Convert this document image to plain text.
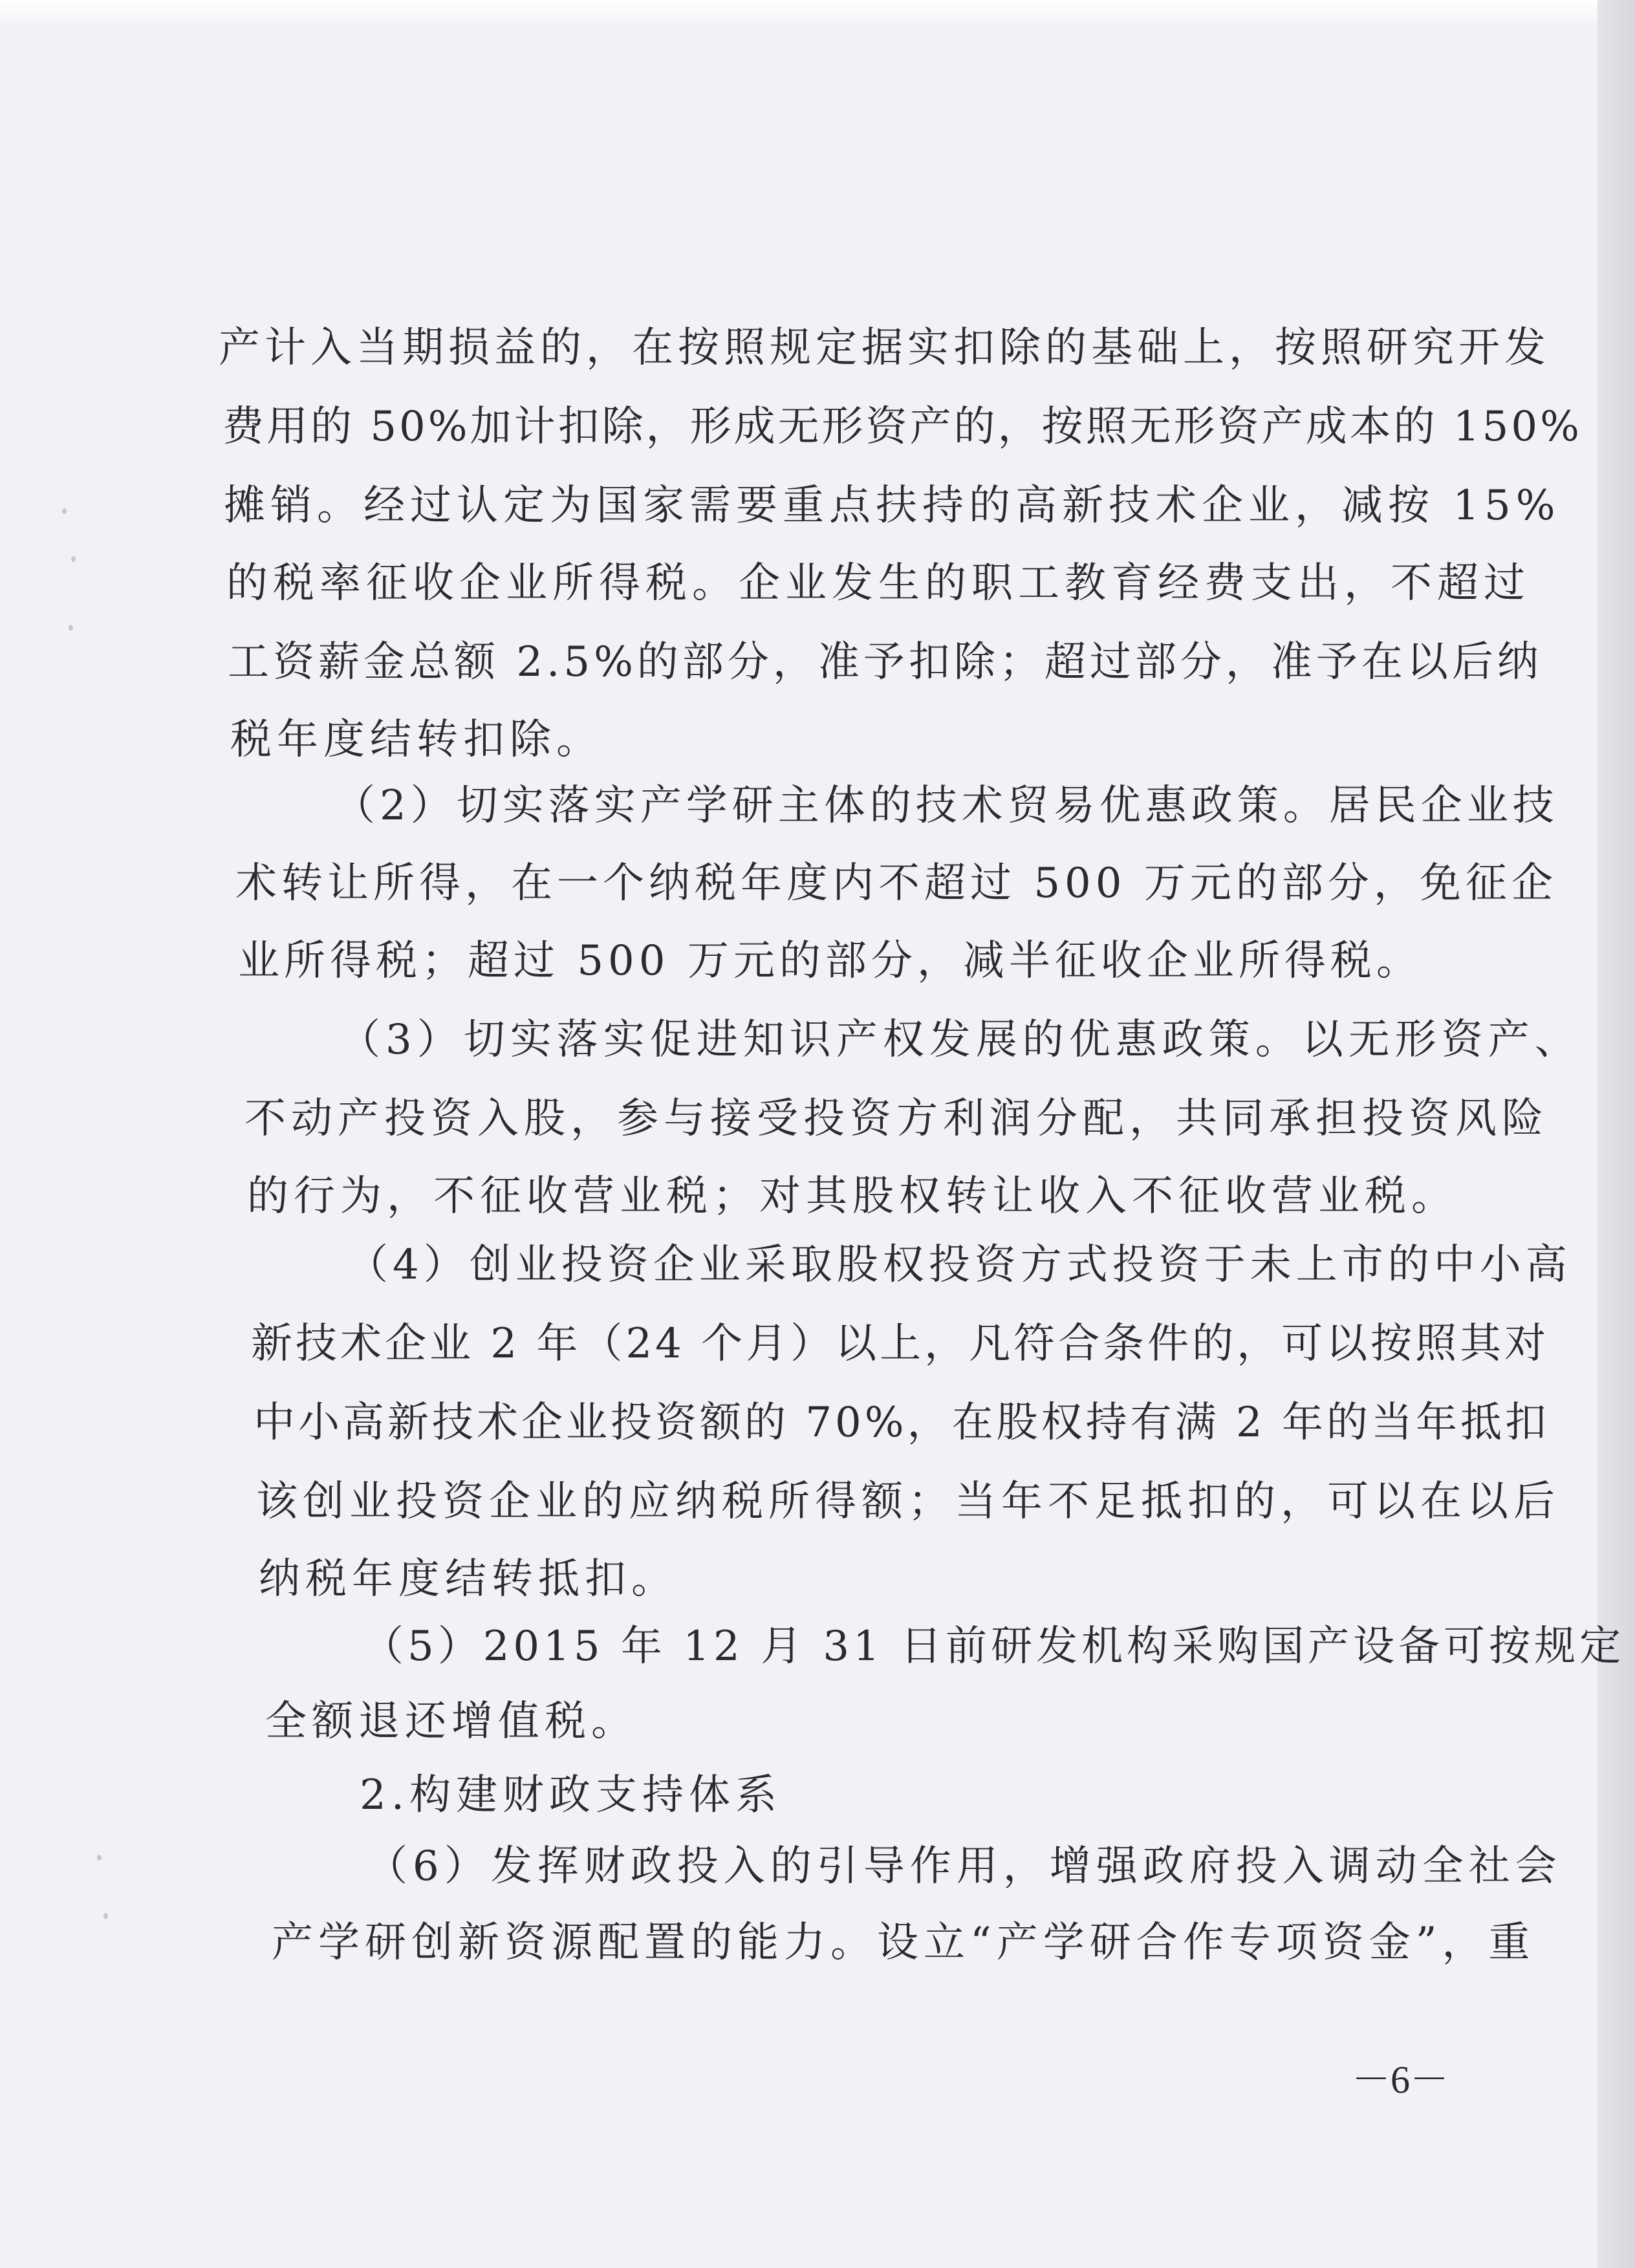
产计入当期损益的，在按照规定据实扣除的基础上，按照研究开发
费用的 50%加计扣除，形成无形资产的，按照无形资产成本的 150%
摊销。经过认定为国家需要重点扶持的高新技术企业，减按 15%
的税率征收企业所得税。企业发生的职工教育经费支出，不超过
工资薪金总额 2.5%的部分，准予扣除；超过部分，准予在以后纳
税年度结转扣除。
（2）切实落实产学研主体的技术贸易优惠政策。居民企业技
术转让所得，在一个纳税年度内不超过 500 万元的部分，免征企
业所得税；超过 500 万元的部分，减半征收企业所得税。
（3）切实落实促进知识产权发展的优惠政策。以无形资产、
不动产投资入股，参与接受投资方利润分配，共同承担投资风险
的行为，不征收营业税；对其股权转让收入不征收营业税。
（4）创业投资企业采取股权投资方式投资于未上市的中小高
新技术企业 2 年（24 个月）以上，凡符合条件的，可以按照其对
中小高新技术企业投资额的 70%，在股权持有满 2 年的当年抵扣
该创业投资企业的应纳税所得额；当年不足抵扣的，可以在以后
纳税年度结转抵扣。
（5）2015 年 12 月 31 日前研发机构采购国产设备可按规定
全额退还增值税。
2.构建财政支持体系
（6）发挥财政投入的引导作用，增强政府投入调动全社会
产学研创新资源配置的能力。设立“产学研合作专项资金”，重
－6－
